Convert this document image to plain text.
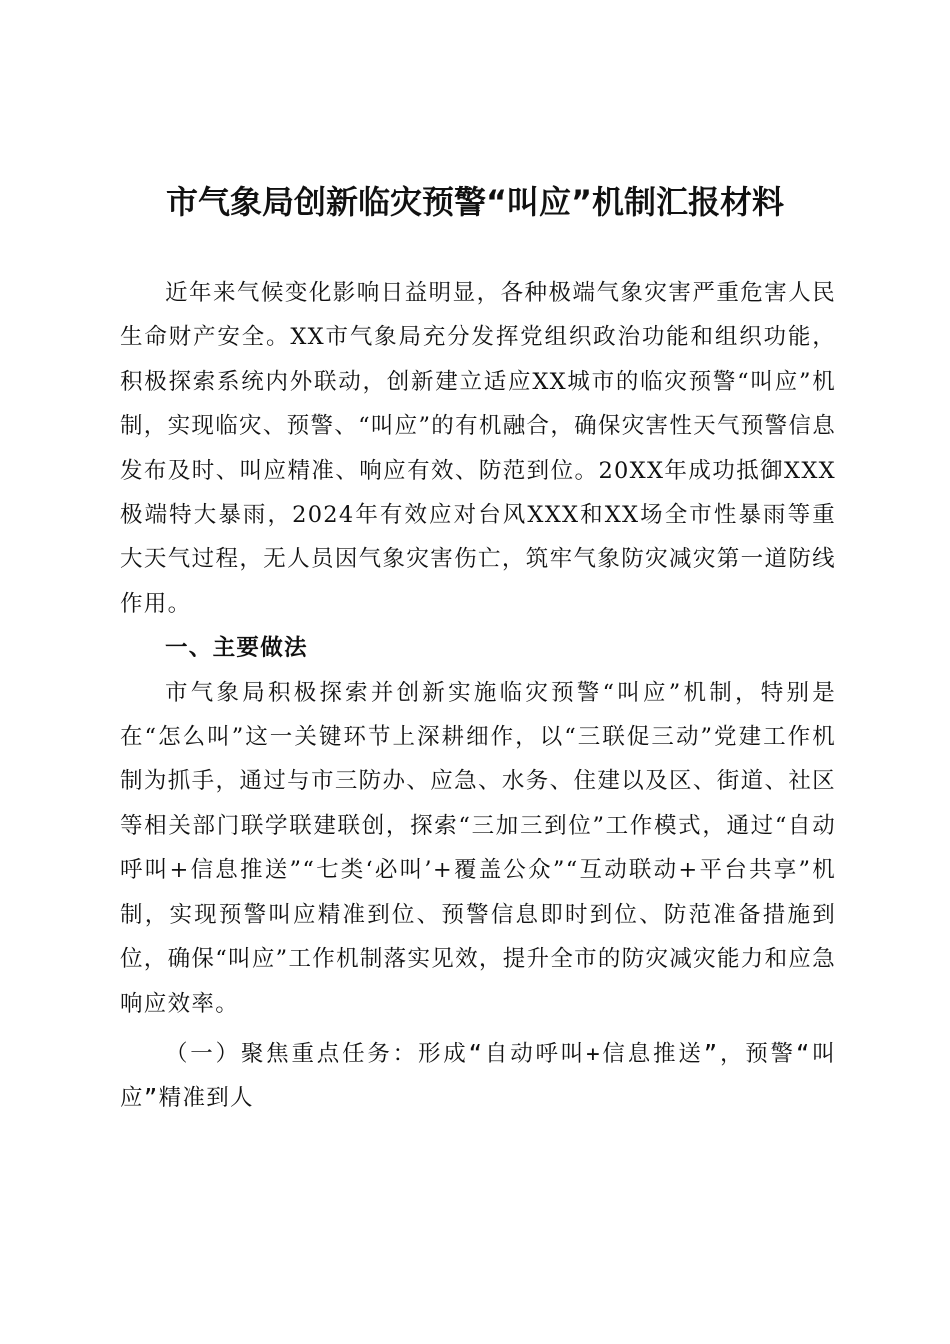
市气象局创新临灾预警“叫应”机制汇报材料

近年来气候变化影响日益明显，各种极端气象灾害严重危害人民生命财产安全。XX市气象局充分发挥党组织政治功能和组织功能，积极探索系统内外联动，创新建立适应XX城市的临灾预警“叫应”机制，实现临灾、预警、“叫应”的有机融合，确保灾害性天气预警信息发布及时、叫应精准、响应有效、防范到位。20XX年成功抵御XXX极端特大暴雨，2024年有效应对台风XXX和XX场全市性暴雨等重大天气过程，无人员因气象灾害伤亡，筑牢气象防灾减灾第一道防线作用。

一、主要做法

市气象局积极探索并创新实施临灾预警“叫应”机制，特别是在“怎么叫”这一关键环节上深耕细作，以“三联促三动”党建工作机制为抓手，通过与市三防办、应急、水务、住建以及区、街道、社区等相关部门联学联建联创，探索“三加三到位”工作模式，通过“自动呼叫+信息推送”“七类‘必叫’+覆盖公众”“互动联动+平台共享”机制，实现预警叫应精准到位、预警信息即时到位、防范准备措施到位，确保“叫应”工作机制落实见效，提升全市的防灾减灾能力和应急响应效率。

（一）聚焦重点任务：形成“自动呼叫+信息推送”，预警“叫应”精准到人
